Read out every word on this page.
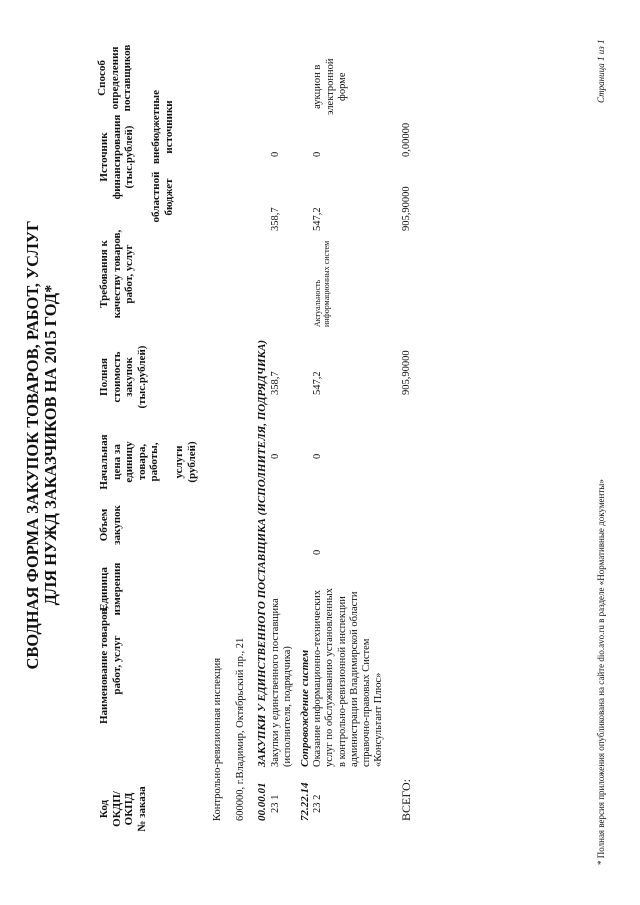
СВОДНАЯ ФОРМА ЗАКУПОК ТОВАРОВ, РАБОТ, УСЛУГ ДЛЯ НУЖД ЗАКАЗЧИКОВ НА 2015 ГОД*
Код
ОКДП/
ОКПД
№ заказа
Наименование товаров,
работ, услуг
Единица
измерения
Объем
закупок
Начальная
цена за
единицу
товара,
работы,

услуги
(рублей)
Полная
стоимость
закупок
(тыс.рублей)
Требования к
качеству товаров,
работ, услуг
Источник
финансирования
(тыс.рублей)
областной
бюджет
внебюджетные
источники
Способ
определения
поставщиков
Контрольно-ревизионная инспекция 600000, г.Владимир, Октябрьский пр., 21 00.00.01
ЗАКУПКИ У ЕДИНСТВЕННОГО ПОСТАВЩИКА (ИСПОЛНИТЕЛЯ, ПОДРЯДЧИКА)
23 1
Закупки у единственного поставщика
(исполнителя, подрядчика)
0
358,7
358,7
0
72.22.14
Сопровождение систем
23 2
Оказание информационно-технических
услуг по обслуживанию установленных
в контрольно-ревизионной инспекции
администрации Владимирской области
справочно-правовых Систем
«Консультант Плюс»
0
0
547,2
Актуальность
информационных систем
547,2
0
аукцион в
электронной
форме
ВСЕГО:
905,90000
905,90000
0,00000
* Полная версия приложения опубликована на сайте dio.avo.ru в разделе «Нормативные документы»
Страница 1 из 1
